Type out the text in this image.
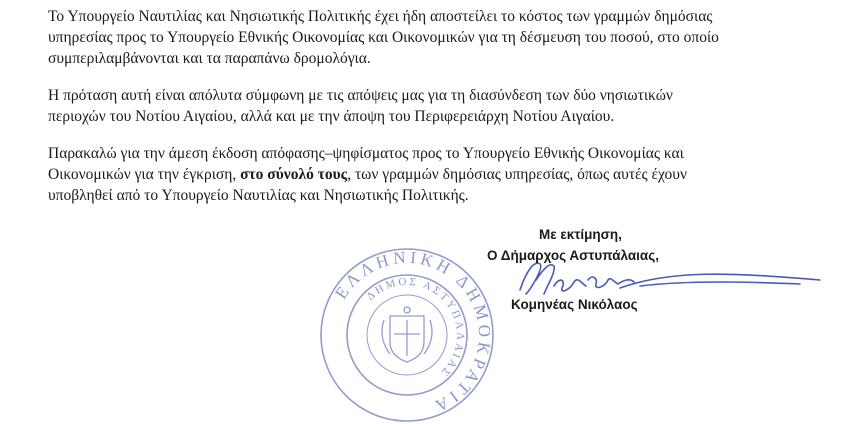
Το Υπουργείο Ναυτιλίας και Νησιωτικής Πολιτικής έχει ήδη αποστείλει το κόστος των γραμμών δημόσιας
υπηρεσίας προς το Υπουργείο Εθνικής Οικονομίας και Οικονομικών για τη δέσμευση του ποσού, στο οποίο
συμπεριλαμβάνονται και τα παραπάνω δρομολόγια.
Η πρόταση αυτή είναι απόλυτα σύμφωνη με τις απόψεις μας για τη διασύνδεση των δύο νησιωτικών
περιοχών του Νοτίου Αιγαίου, αλλά και με την άποψη του Περιφερειάρχη Νοτίου Αιγαίου.
Παρακαλώ για την άμεση έκδοση απόφασης–ψηφίσματος προς το Υπουργείο Εθνικής Οικονομίας και
Οικονομικών για την έγκριση, στο σύνολό τους, των γραμμών δημόσιας υπηρεσίας, όπως αυτές έχουν
υποβληθεί από το Υπουργείο Ναυτιλίας και Νησιωτικής Πολιτικής.
ΕΛΛΗΝΙΚΗ ΔΗΜΟΚΡΑΤΙΑ
ΔΗΜΟΣ ΑΣΤΥΠΑΛΑΙΑΣ
Με εκτίμηση,
Ο Δήμαρχος Αστυπάλαιας,
Κομηνέας Νικόλαος
